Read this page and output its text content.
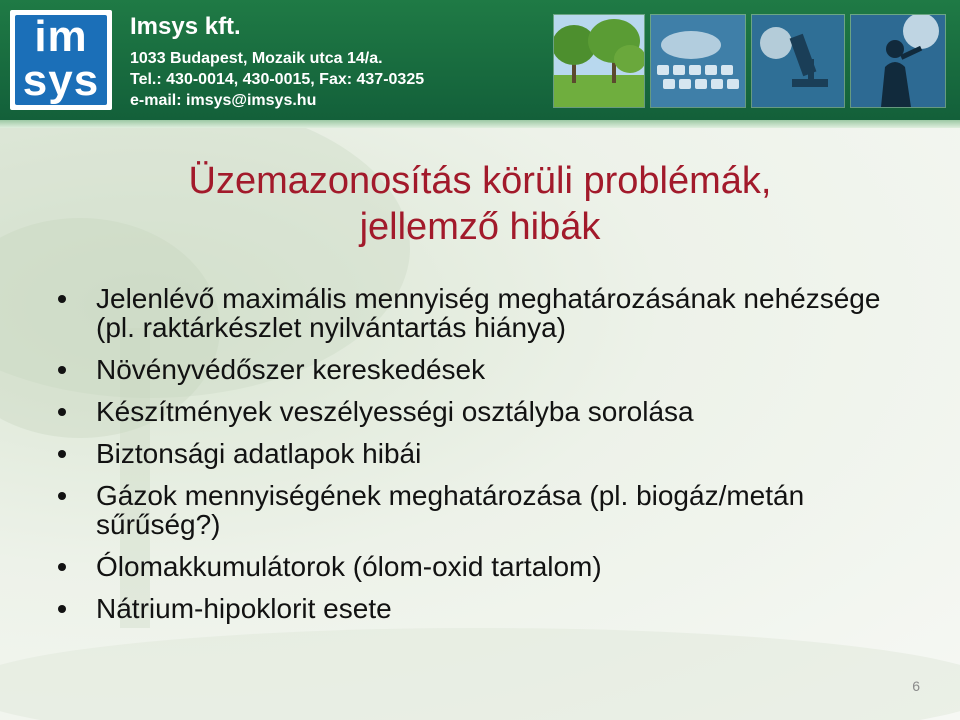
im
sys
Imsys kft.
1033 Budapest, Mozaik utca 14/a.
Tel.: 430-0014, 430-0015, Fax: 437-0325
e-mail: imsys@imsys.hu
Üzemazonosítás körüli problémák,
jellemző hibák
Jelenlévő maximális mennyiség meghatározásának nehézsége (pl. raktárkészlet nyilvántartás hiánya)
Növényvédőszer kereskedések
Készítmények veszélyességi osztályba sorolása
Biztonsági adatlapok hibái
Gázok mennyiségének meghatározása (pl. biogáz/metán sűrűség?)
Ólomakkumulátorok (ólom-oxid tartalom)
Nátrium-hipoklorit esete
6
